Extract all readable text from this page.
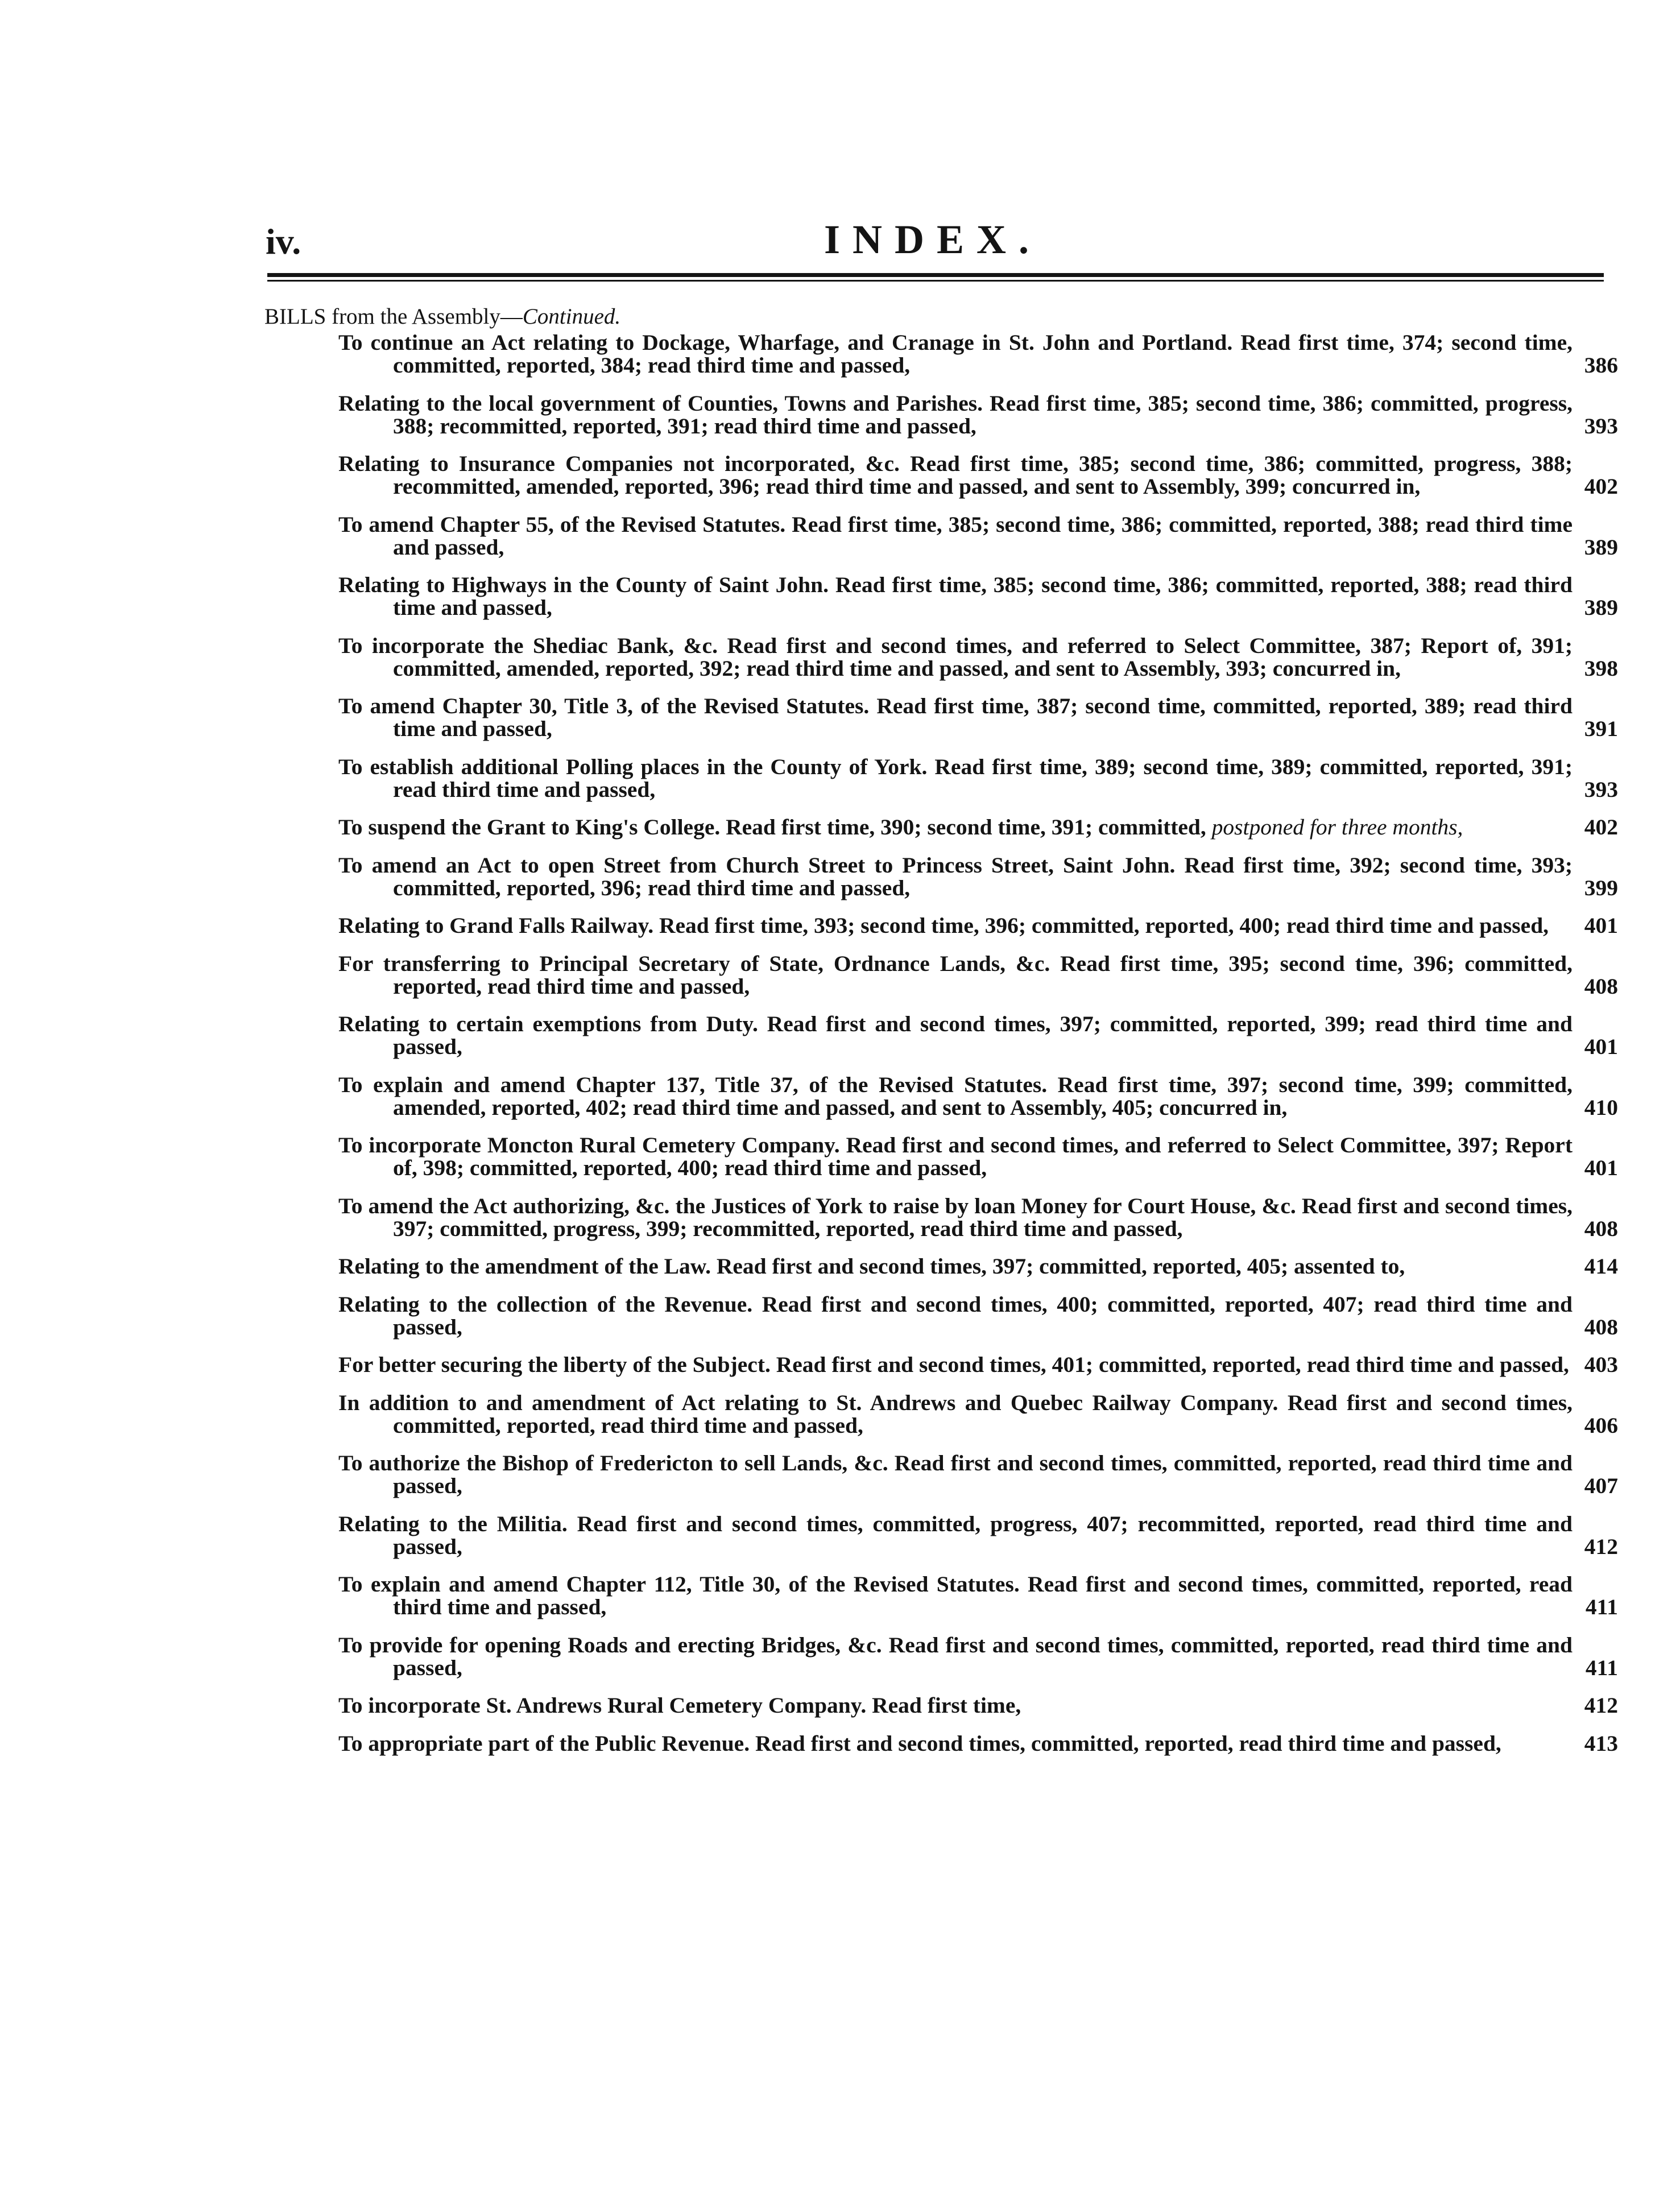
iv.	INDEX.
BILLS from the Assembly—Continued.
To continue an Act relating to Dockage, Wharfage, and Cranage in St. John and Portland. Read first time, 374; second time, committed, reported, 384; read third time and passed,	386
Relating to the local government of Counties, Towns and Parishes. Read first time, 385; second time, 386; committed, progress, 388; recommitted, reported, 391; read third time and passed,	393
Relating to Insurance Companies not incorporated, &c. Read first time, 385; second time, 386; committed, progress, 388; recommitted, amended, reported, 396; read third time and passed, and sent to Assembly, 399; concurred in,	402
To amend Chapter 55, of the Revised Statutes. Read first time, 385; second time, 386; committed, reported, 388; read third time and passed,	389
Relating to Highways in the County of Saint John. Read first time, 385; second time, 386; committed, reported, 388; read third time and passed,	389
To incorporate the Shediac Bank, &c. Read first and second times, and referred to Select Committee, 387; Report of, 391; committed, amended, reported, 392; read third time and passed, and sent to Assembly, 393; concurred in,	398
To amend Chapter 30, Title 3, of the Revised Statutes. Read first time, 387; second time, committed, reported, 389; read third time and passed,	391
To establish additional Polling places in the County of York. Read first time, 389; second time, 389; committed, reported, 391; read third time and passed,	393
To suspend the Grant to King's College. Read first time, 390; second time, 391; committed, postponed for three months,	402
To amend an Act to open Street from Church Street to Princess Street, Saint John. Read first time, 392; second time, 393; committed, reported, 396; read third time and passed,	399
Relating to Grand Falls Railway. Read first time, 393; second time, 396; committed, reported, 400; read third time and passed,	401
For transferring to Principal Secretary of State, Ordnance Lands, &c. Read first time, 395; second time, 396; committed, reported, read third time and passed,	408
Relating to certain exemptions from Duty. Read first and second times, 397; committed, reported, 399; read third time and passed,	401
To explain and amend Chapter 137, Title 37, of the Revised Statutes. Read first time, 397; second time, 399; committed, amended, reported, 402; read third time and passed, and sent to Assembly, 405; concurred in,	410
To incorporate Moncton Rural Cemetery Company. Read first and second times, and referred to Select Committee, 397; Report of, 398; committed, reported, 400; read third time and passed,	401
To amend the Act authorizing, &c. the Justices of York to raise by loan Money for Court House, &c. Read first and second times, 397; committed, progress, 399; recommitted, reported, read third time and passed,	408
Relating to the amendment of the Law. Read first and second times, 397; committed, reported, 405; assented to,	414
Relating to the collection of the Revenue. Read first and second times, 400; committed, reported, 407; read third time and passed,	408
For better securing the liberty of the Subject. Read first and second times, 401; committed, reported, read third time and passed, 403
In addition to and amendment of Act relating to St. Andrews and Quebec Railway Company. Read first and second times, committed, reported, read third time and passed,	406
To authorize the Bishop of Fredericton to sell Lands, &c. Read first and second times, committed, reported, read third time and passed,	407
Relating to the Militia. Read first and second times, committed, progress, 407; recommitted, reported, read third time and passed,	412
To explain and amend Chapter 112, Title 30, of the Revised Statutes. Read first and second times, committed, reported, read third time and passed,	411
To provide for opening Roads and erecting Bridges, &c. Read first and second times, committed, reported, read third time and passed,	411
To incorporate St. Andrews Rural Cemetery Company. Read first time,	412
To appropriate part of the Public Revenue. Read first and second times, committed, reported, read third time and passed,	413
